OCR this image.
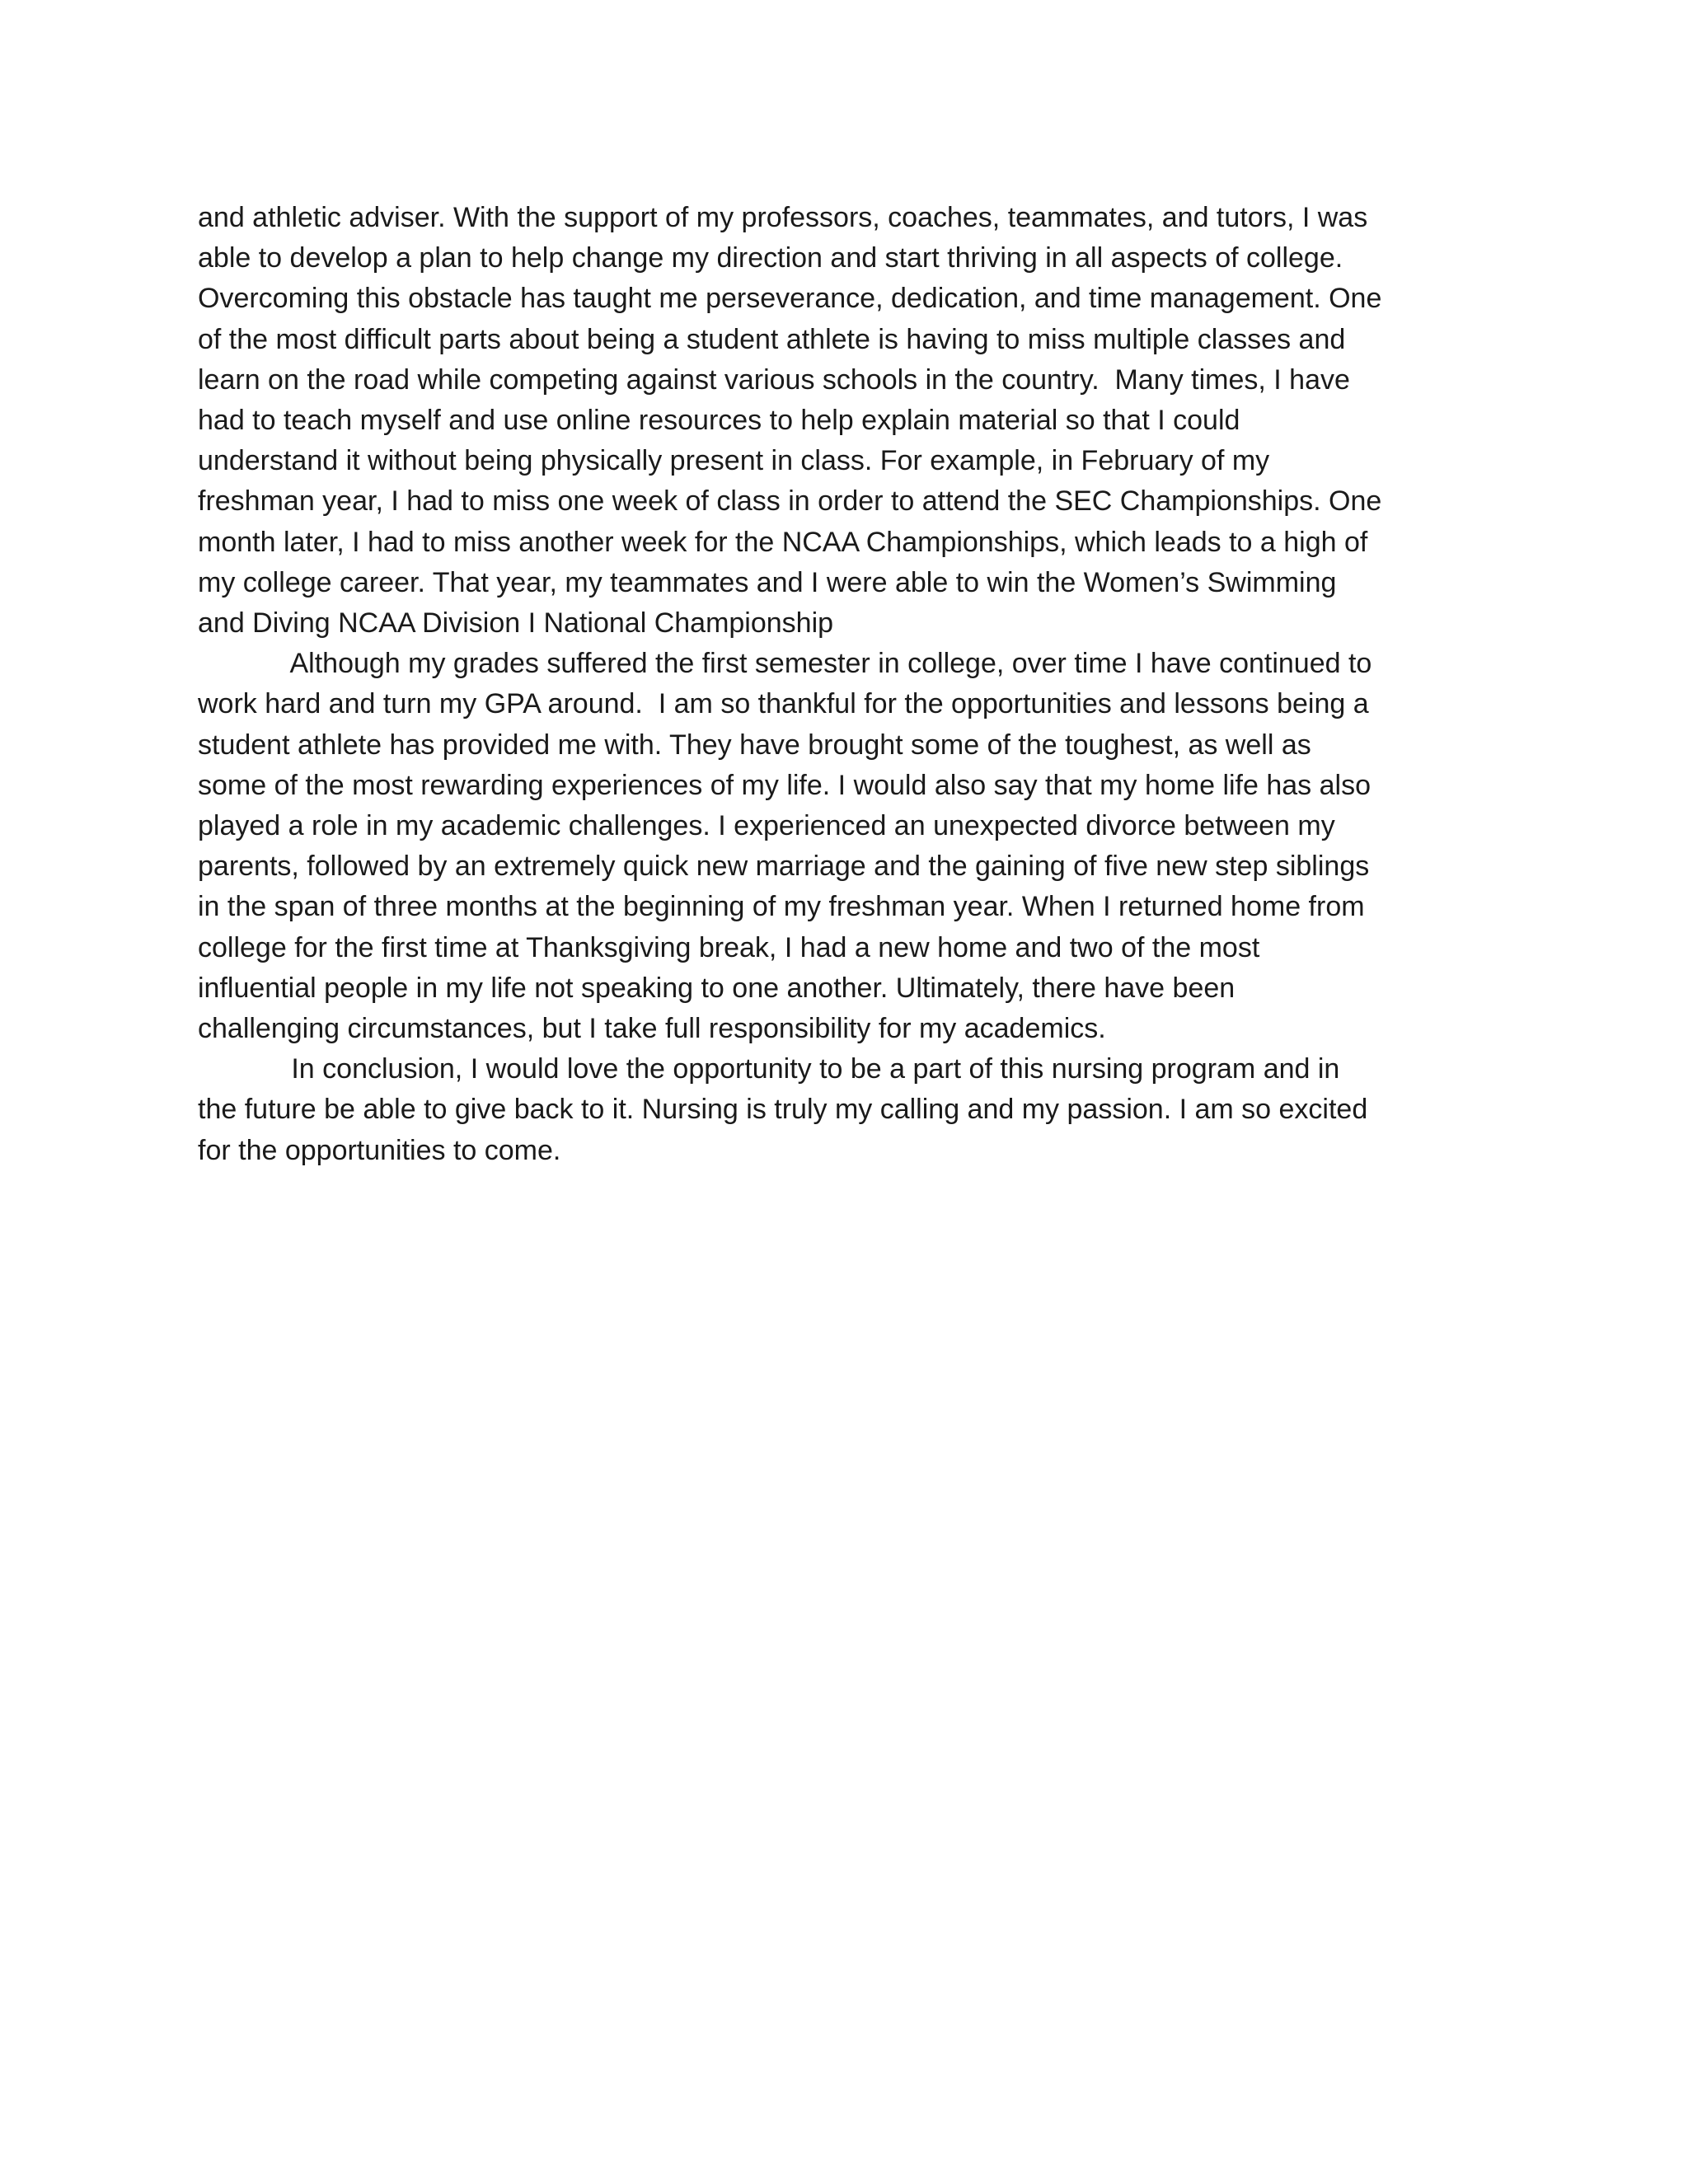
and athletic adviser. With the support of my professors, coaches, teammates, and tutors, I was
able to develop a plan to help change my direction and start thriving in all aspects of college.
Overcoming this obstacle has taught me perseverance, dedication, and time management. One
of the most difficult parts about being a student athlete is having to miss multiple classes and
learn on the road while competing against various schools in the country.  Many times, I have
had to teach myself and use online resources to help explain material so that I could
understand it without being physically present in class. For example, in February of my
freshman year, I had to miss one week of class in order to attend the SEC Championships. One
month later, I had to miss another week for the NCAA Championships, which leads to a high of
my college career. That year, my teammates and I were able to win the Women’s Swimming
and Diving NCAA Division I National Championship
Although my grades suffered the first semester in college, over time I have continued to
work hard and turn my GPA around.  I am so thankful for the opportunities and lessons being a
student athlete has provided me with. They have brought some of the toughest, as well as
some of the most rewarding experiences of my life. I would also say that my home life has also
played a role in my academic challenges. I experienced an unexpected divorce between my
parents, followed by an extremely quick new marriage and the gaining of five new step siblings
in the span of three months at the beginning of my freshman year. When I returned home from
college for the first time at Thanksgiving break, I had a new home and two of the most
influential people in my life not speaking to one another. Ultimately, there have been
challenging circumstances, but I take full responsibility for my academics.
In conclusion, I would love the opportunity to be a part of this nursing program and in
the future be able to give back to it. Nursing is truly my calling and my passion. I am so excited
for the opportunities to come.
